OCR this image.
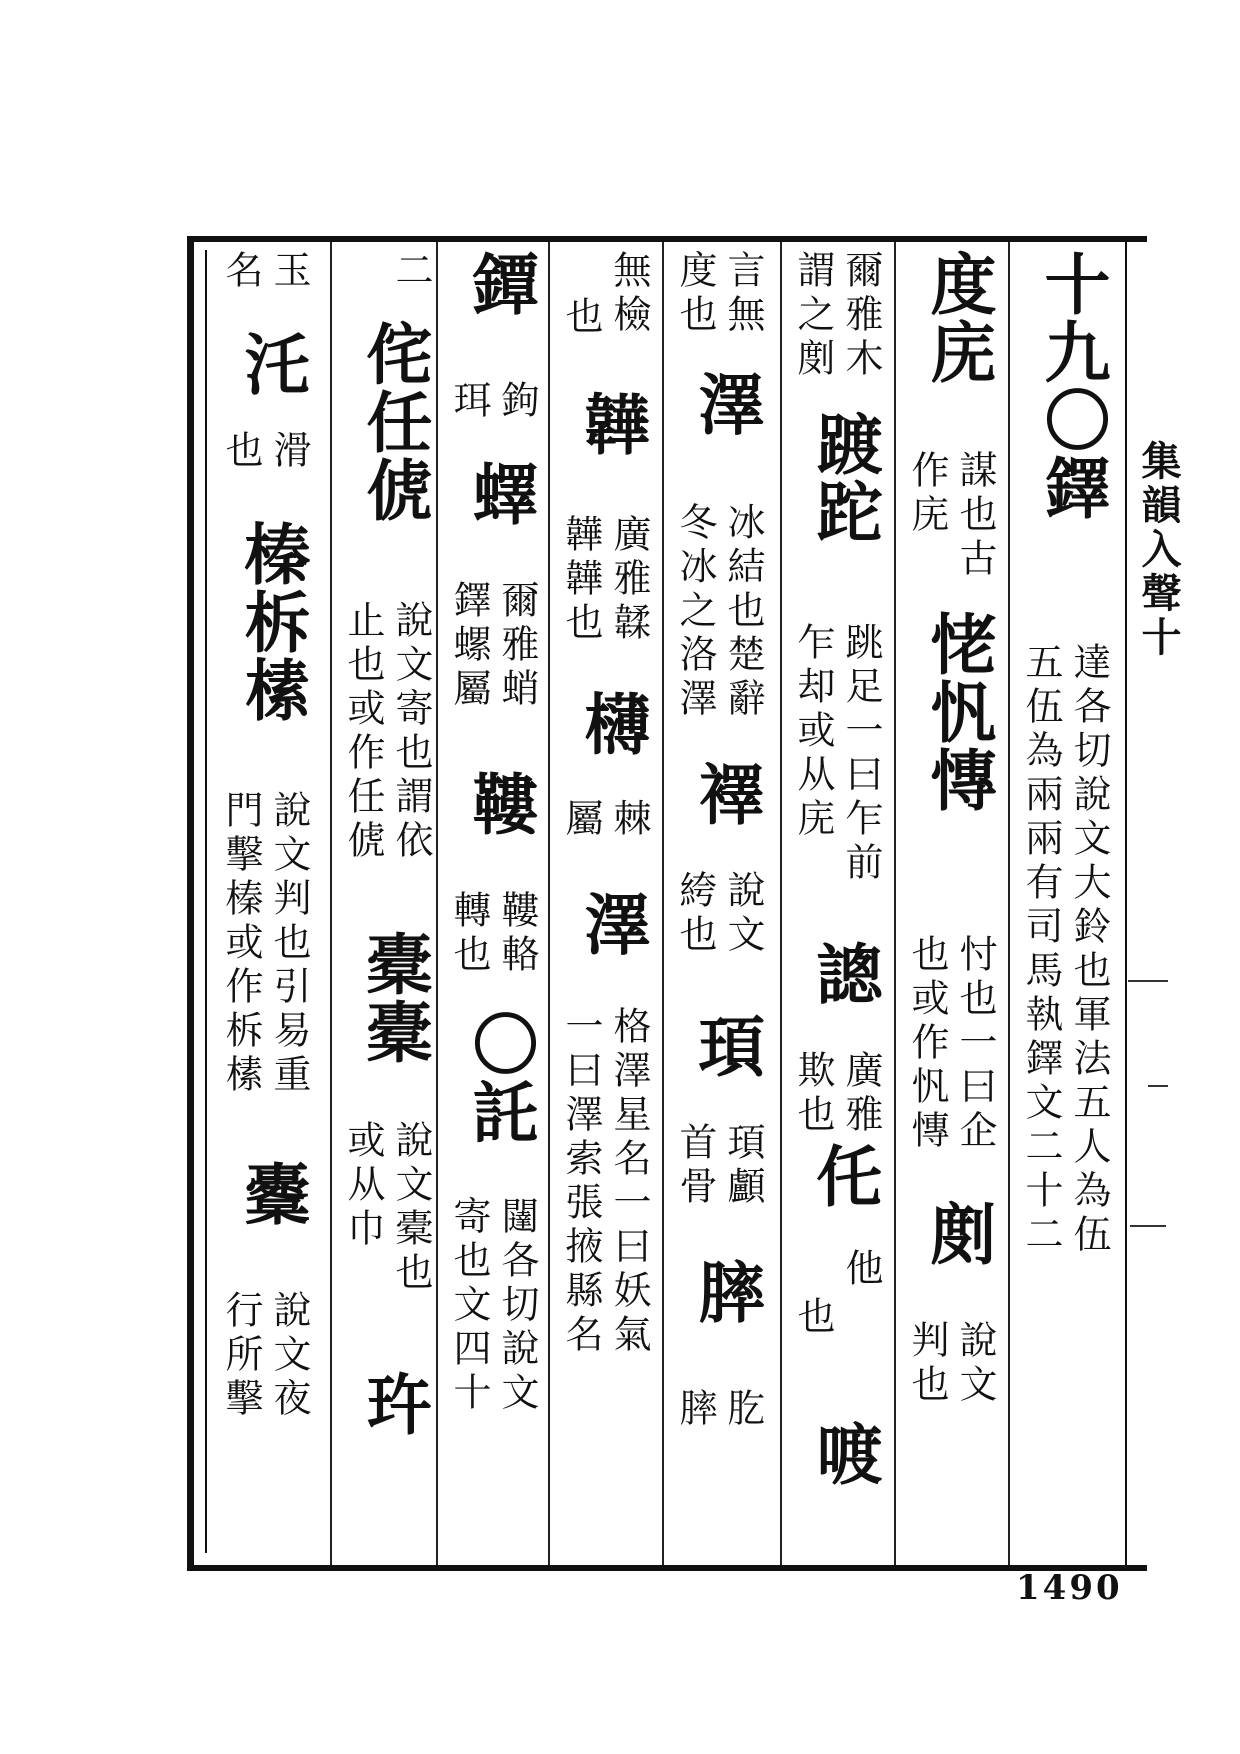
十九〇鐸
達各切說文大鈴也軍法五人為伍
五伍為兩兩有司馬執鐸文二十二
度庑
謀也古
作庑
恅忛慱
忖也一曰企
也或作忛慱
剫
說文
判也
爾雅木
謂之剫
踱跎
跳足一曰乍前
乍却或从庑
謥
廣雅
欺也
仛
他
也
喥
言無
度也
澤
冰結也楚辭
冬冰之洛澤
襗
說文
絝也
頊
頊顱
首骨
膟
肐
膟
無檢
也
韡
廣雅韖
韡韡也
欂
棘
屬
澤
格澤星名一曰妖氣
一曰澤索張掖縣名
鐔
鉤
珥
蠌
爾雅蛸
鐸螺屬
鞻
鞻輅
轉也
〇託
闥各切說文
寄也文四十
二
侘任俿
說文寄也謂依
止也或作任俿
橐橐
說文橐也
或从巾
玝
玉
名
汑
滑
也
榛柝榡
說文判也引易重
門擊榛或作柝榡
櫜
說文夜
行所擊
集韻入聲十
1490
